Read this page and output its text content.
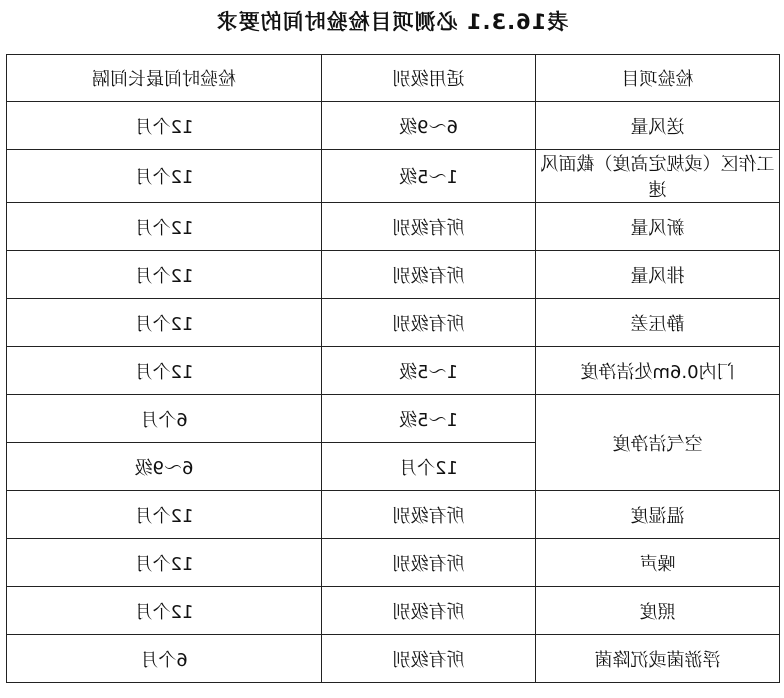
表16.3.1 必测项目检验时间的要求
检验项目	适用级别	检验时间最长间隔
送风量	6～9级	12个月
工作区（或规定高度）截面风速	1～5级	12个月
新风量	所有级别	12个月
排风量	所有级别	12个月
静压差	所有级别	12个月
门内0.6m处洁净度	1～5级	12个月
空气洁净度	1～5级	6个月
	12个月	6～9级
温湿度	所有级别	12个月
噪声	所有级别	12个月
照度	所有级别	12个月
浮游菌或沉降菌	所有级别	6个月
